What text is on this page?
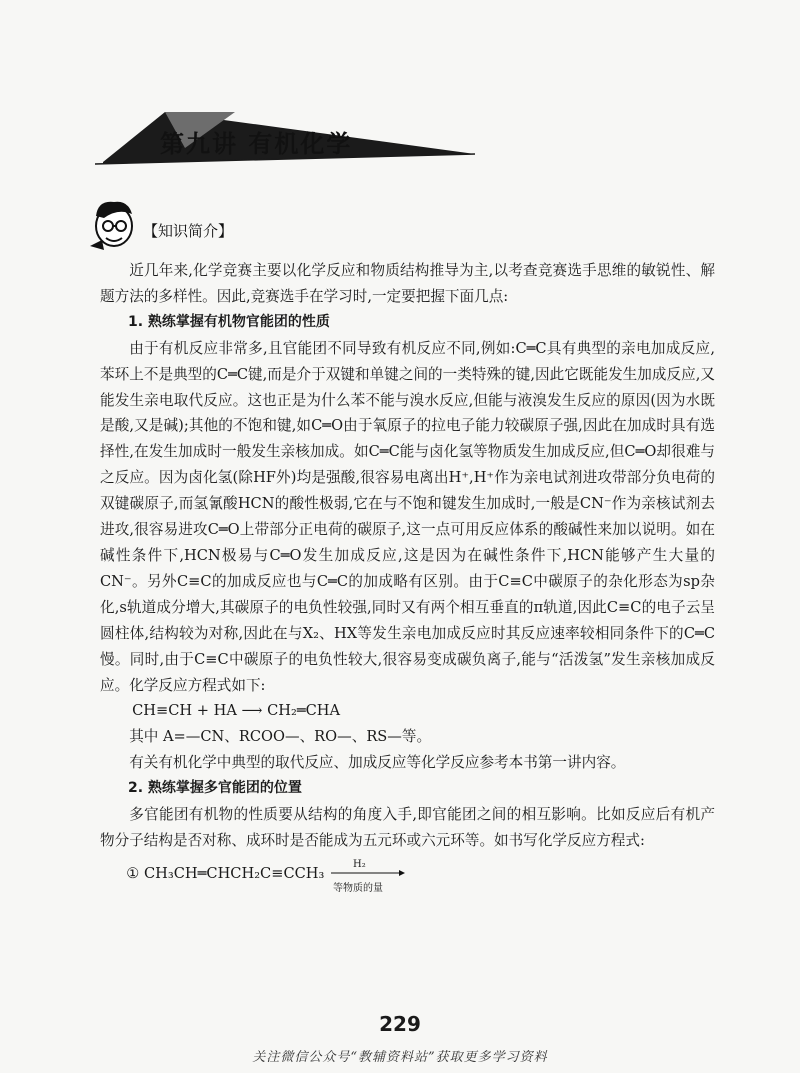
第九讲 有机化学
【知识简介】

近几年来,化学竞赛主要以化学反应和物质结构推导为主,以考查竞赛选手思维的敏锐性、解题方法的多样性。因此,竞赛选手在学习时,一定要把握下面几点:

1. 熟练掌握有机物官能团的性质

由于有机反应非常多,且官能团不同导致有机反应不同,例如:C═C具有典型的亲电加成反应,苯环上不是典型的C═C键,而是介于双键和单键之间的一类特殊的键,因此它既能发生加成反应,又能发生亲电取代反应。这也正是为什么苯不能与溴水反应,但能与液溴发生反应的原因(因为水既是酸,又是碱);其他的不饱和键,如C═O由于氧原子的拉电子能力较碳原子强,因此在加成时具有选择性,在发生加成时一般发生亲核加成。如C═C能与卤化氢等物质发生加成反应,但C═O却很难与之反应。因为卤化氢(除HF外)均是强酸,很容易电离出H⁺,H⁺作为亲电试剂进攻带部分负电荷的双键碳原子,而氢氰酸HCN的酸性极弱,它在与不饱和键发生加成时,一般是CN⁻作为亲核试剂去进攻,很容易进攻C═O上带部分正电荷的碳原子,这一点可用反应体系的酸碱性来加以说明。如在碱性条件下,HCN极易与C═O发生加成反应,这是因为在碱性条件下,HCN能够产生大量的CN⁻。另外C≡C的加成反应也与C═C的加成略有区别。由于C≡C中碳原子的杂化形态为sp杂化,s轨道成分增大,其碳原子的电负性较强,同时又有两个相互垂直的π轨道,因此C≡C的电子云呈圆柱体,结构较为对称,因此在与X₂、HX等发生亲电加成反应时其反应速率较相同条件下的C═C慢。同时,由于C≡C中碳原子的电负性较大,很容易变成碳负离子,能与“活泼氢”发生亲核加成反应。化学反应方程式如下:

CH≡CH + HA ⟶ CH₂═CHA

其中 A=—CN、RCOO—、RO—、RS—等。

有关有机化学中典型的取代反应、加成反应等化学反应参考本书第一讲内容。

2. 熟练掌握多官能团的位置

多官能团有机物的性质要从结构的角度入手,即官能团之间的相互影响。比如反应后有机产物分子结构是否对称、成环时是否能成为五元环或六元环等。如书写化学反应方程式:

① CH₃CH═CHCH₂C≡CCH₃
H₂
等物质的量
229
关注微信公众号“教辅资料站”获取更多学习资料
